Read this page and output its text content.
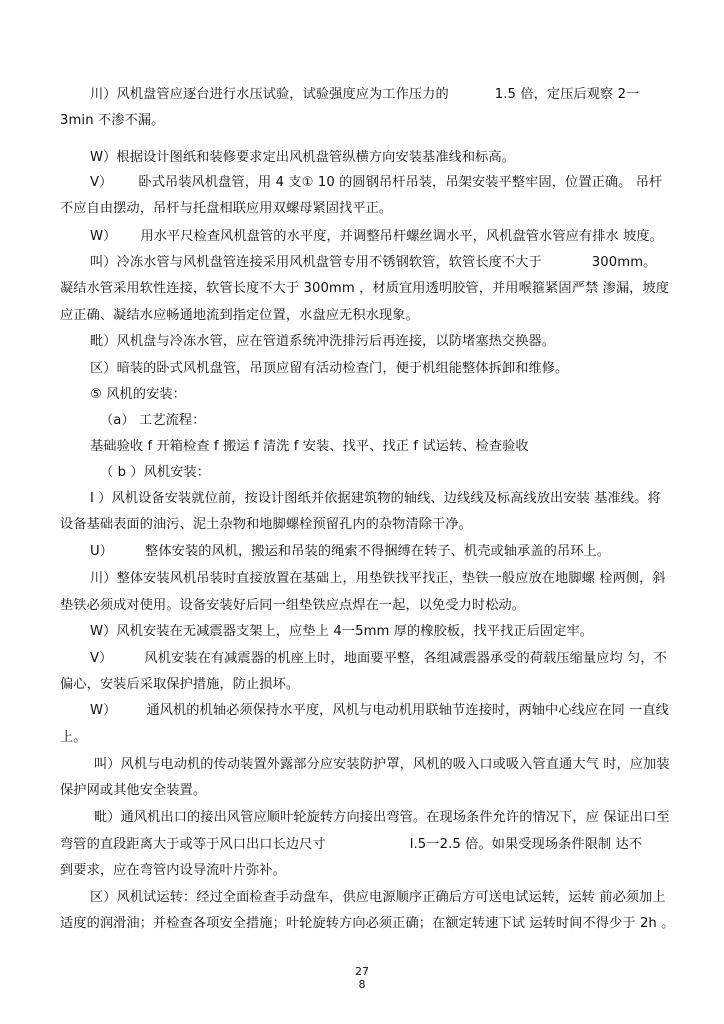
川）风机盘管应逐台进行水压试验，试验强度应为工作压力的	1.5 倍，定压后观察 2一
3min 不渗不漏。
W）根据设计图纸和装修要求定出风机盘管纵横方向安装基准线和标高。
V） 卧式吊装风机盘管，用 4 支① 10 的圆钢吊杆吊装，吊架安装平整牢固，位置正确。 吊杆
不应自由摆动，吊杆与托盘相联应用双螺母紧固找平正。
W） 用水平尺检查风机盘管的水平度，并调整吊杆螺丝调水平，风机盘管水管应有排水 坡度。
叫）冷冻水管与风机盘管连接采用风机盘管专用不锈钢软管，软管长度不大于	300mm。
凝结水管采用软性连接，软管长度不大于 300mm ，材质宜用透明胶管，并用喉箍紧固严禁 渗漏，坡度
应正确、凝结水应畅通地流到指定位置，水盘应无积水现象。
毗）风机盘与冷冻水管，应在管道系统冲洗排污后再连接，以防堵塞热交换器。
区）暗装的卧式风机盘管，吊顶应留有活动检查门，便于机组能整体拆卸和维修。
⑤ 风机的安装：
（a） 工艺流程：
基础验收 f 开箱检查 f 搬运 f 清洗 f 安装、找平、找正 f 试运转、检查验收
（ b ）风机安装：
I ）风机设备安装就位前，按设计图纸并依据建筑物的轴线、边线线及标高线放出安装 基准线。将
设备基础表面的油污、泥土杂物和地脚螺栓预留孔内的杂物清除干净。
U） 整体安装的风机，搬运和吊装的绳索不得捆缚在转子、机壳或轴承盖的吊环上。
川）整体安装风机吊装时直接放置在基础上，用垫铁找平找正，垫铁一般应放在地脚螺 栓两侧，斜
垫铁必须成对使用。设备安装好后同一组垫铁应点焊在一起，以免受力时松动。
W）风机安装在无减震器支架上，应垫上 4一5mm 厚的橡胶板，找平找正后固定牢。
V） 风机安装在有减震器的机座上时，地面要平整，各组减震器承受的荷载压缩量应均 匀，不
偏心，安装后采取保护措施，防止损坏。
W） 通风机的机轴必须保持水平度，风机与电动机用联轴节连接时，两轴中心线应在同 一直线
上。
叫）风机与电动机的传动装置外露部分应安装防护罩，风机的吸入口或吸入管直通大气 时，应加装
保护网或其他安全装置。
毗）通风机出口的接出风管应顺叶轮旋转方向接出弯管。在现场条件允许的情况下，应 保证出口至
弯管的直段距离大于或等于风口出口长边尺寸	l.5一2.5 倍。如果受现场条件限制 达不
到要求，应在弯管内设导流叶片弥补。
区）风机试运转：经过全面检查手动盘车，供应电源顺序正确后方可送电试运转，运转 前必须加上
适度的润滑油；并检查各项安全措施；叶轮旋转方向必须正确；在额定转速下试 运转时间不得少于 2h 。
27
8
